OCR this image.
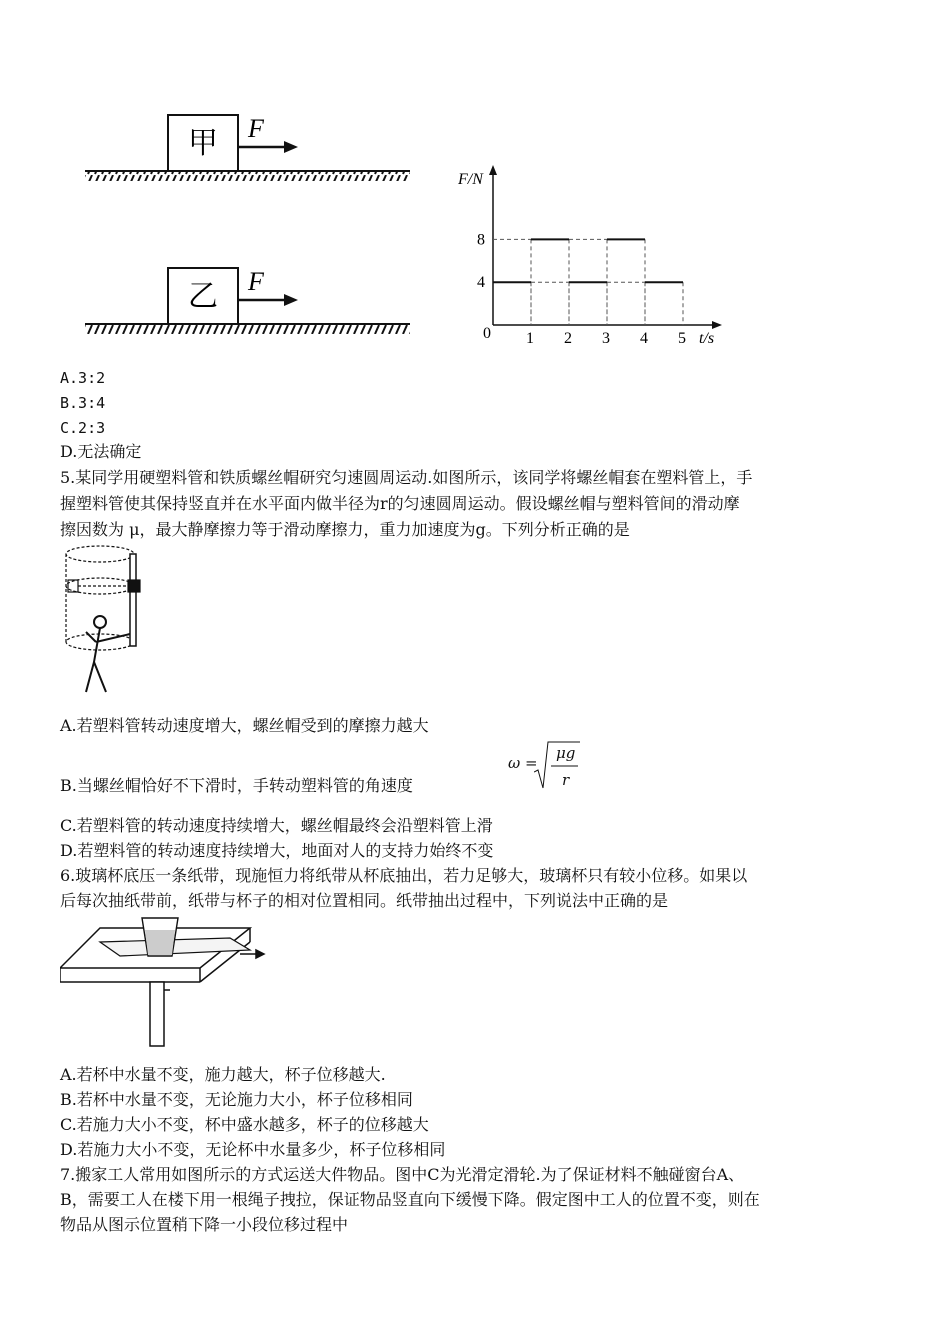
甲 F
乙 F
F/N
t/s
0 1 2 3 4 5
4
8
A.3:2
B.3:4
C.2:3
D.无法确定
5.某同学用硬塑料管和铁质螺丝帽研究匀速圆周运动.如图所示，该同学将螺丝帽套在塑料管上，手
握塑料管使其保持竖直并在水平面内做半径为r的匀速圆周运动。假设螺丝帽与塑料管间的滑动摩
擦因数为 μ，最大静摩擦力等于滑动摩擦力，重力加速度为g。下列分析正确的是
A.若塑料管转动速度增大，螺丝帽受到的摩擦力越大
B.当螺丝帽恰好不下滑时，手转动塑料管的角速度
ω =
μg
r
C.若塑料管的转动速度持续增大，螺丝帽最终会沿塑料管上滑
D.若塑料管的转动速度持续增大，地面对人的支持力始终不变
6.玻璃杯底压一条纸带，现施恒力将纸带从杯底抽出，若力足够大，玻璃杯只有较小位移。如果以
后每次抽纸带前，纸带与杯子的相对位置相同。纸带抽出过程中，下列说法中正确的是
A.若杯中水量不变，施力越大，杯子位移越大.
B.若杯中水量不变，无论施力大小，杯子位移相同
C.若施力大小不变，杯中盛水越多，杯子的位移越大
D.若施力大小不变，无论杯中水量多少，杯子位移相同
7.搬家工人常用如图所示的方式运送大件物品。图中C为光滑定滑轮.为了保证材料不触碰窗台A、
B，需要工人在楼下用一根绳子拽拉，保证物品竖直向下缓慢下降。假定图中工人的位置不变，则在
物品从图示位置稍下降一小段位移过程中
